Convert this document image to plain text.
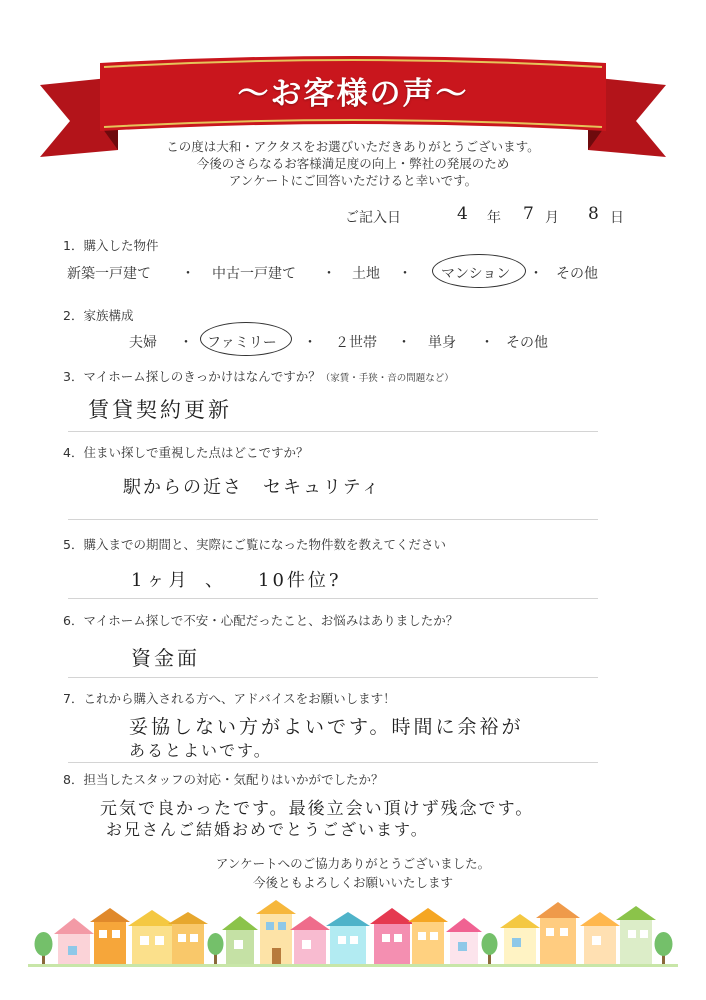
～お客様の声～
この度は大和・アクタスをお選びいただきありがとうございます。
今後のさらなるお客様満足度の向上・弊社の発展のため
アンケートにご回答いただけると幸いです。
ご記入日	4 年 7 月 8 日
1．購入した物件
新築一戸建て ・ 中古一戸建て ・ 土地 ・ マンション ・ その他
2．家族構成
夫婦 ・ ファミリー ・ ２世帯 ・ 単身 ・ その他
3．マイホーム探しのきっかけはなんですか？（家賃・手狭・音の問題など）
賃貸契約更新
4．住まい探しで重視した点はどこですか？
駅からの近さ　セキュリティ
5．購入までの期間と、実際にご覧になった物件数を教えてください
1ヶ月 、 10件位?
6．マイホーム探しで不安・心配だったこと、お悩みはありましたか？
資金面
7．これから購入される方へ、アドバイスをお願いします！
妥協しない方がよいです。時間に余裕が
あるとよいです。
8．担当したスタッフの対応・気配りはいかがでしたか？
元気で良かったです。最後立会い頂けず残念です。
お兄さんご結婚おめでとうございます。
アンケートへのご協力ありがとうございました。
今後ともよろしくお願いいたします
